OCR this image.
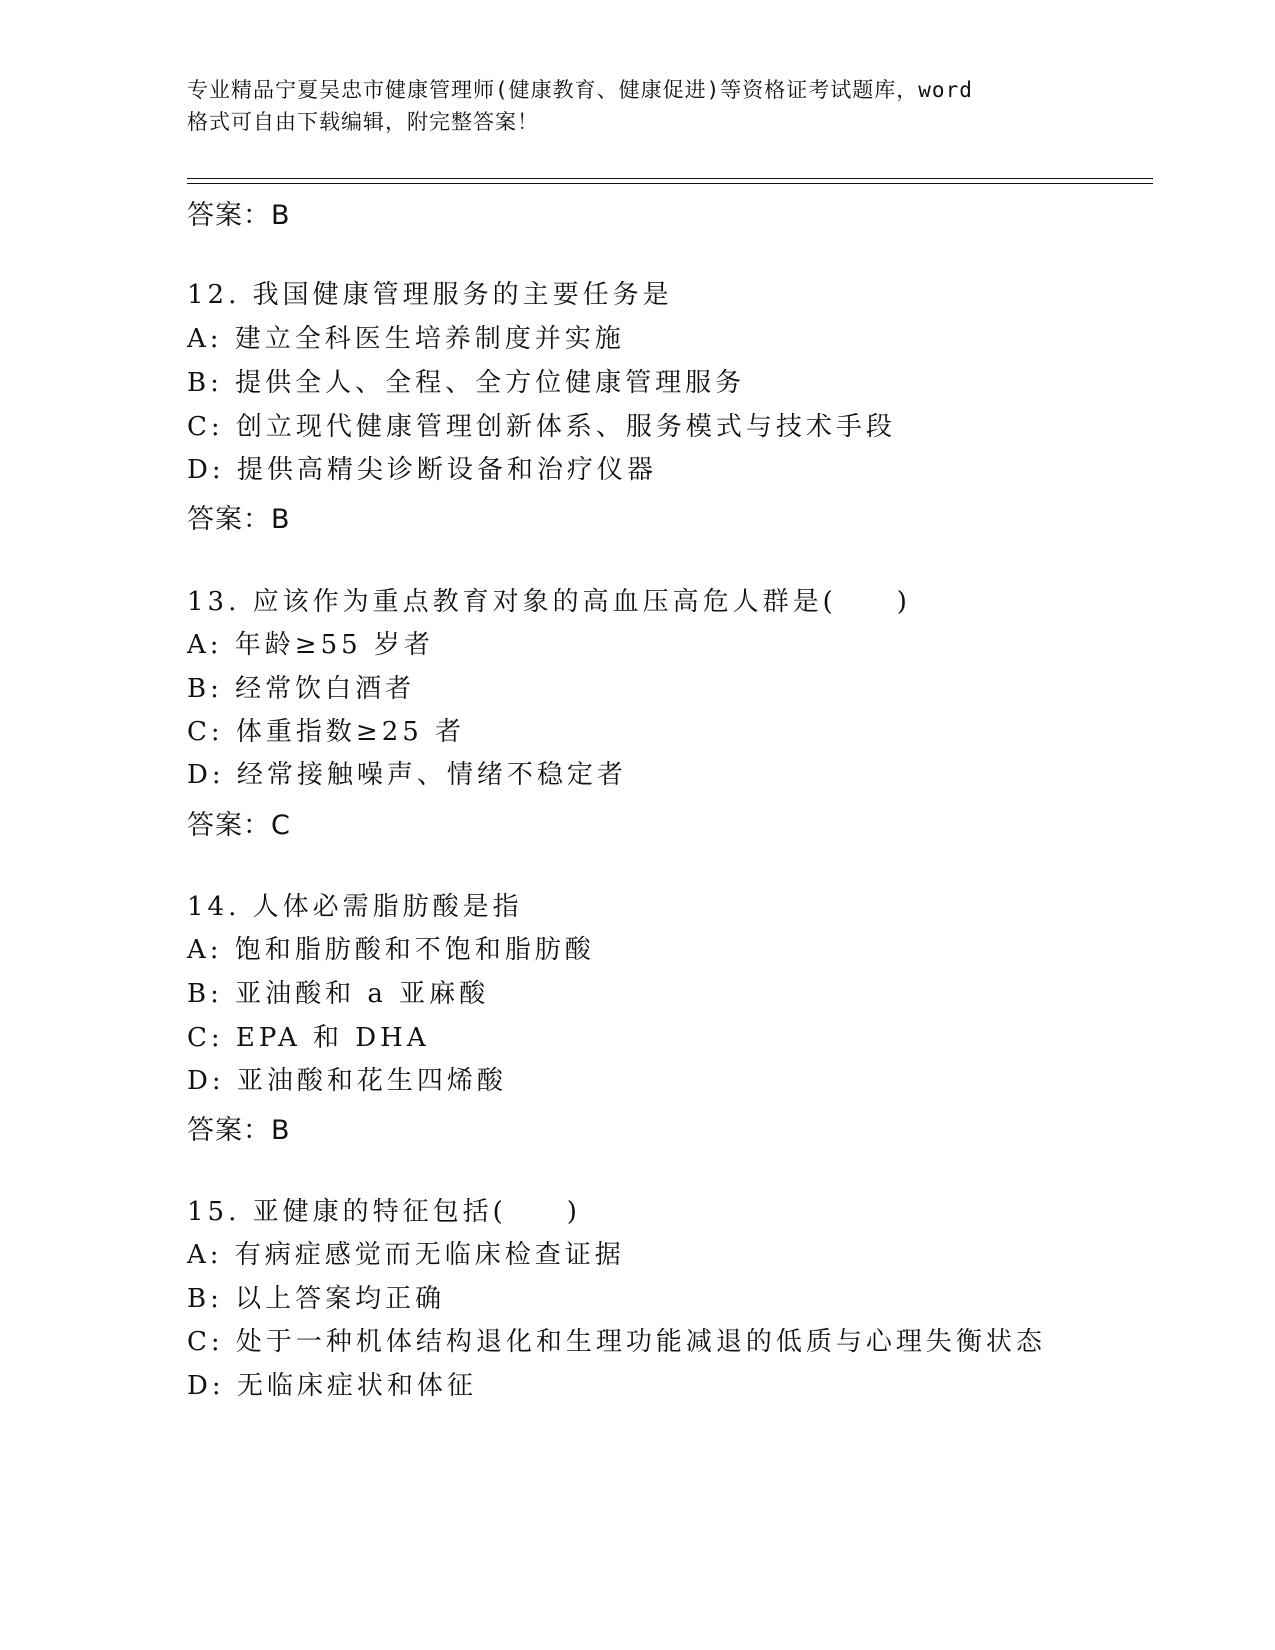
专业精品宁夏吴忠市健康管理师(健康教育、健康促进)等资格证考试题库，word
格式可自由下载编辑，附完整答案！
答案：B
12. 我国健康管理服务的主要任务是
A: 建立全科医生培养制度并实施
B: 提供全人、全程、全方位健康管理服务
C: 创立现代健康管理创新体系、服务模式与技术手段
D: 提供高精尖诊断设备和治疗仪器
答案：B
13. 应该作为重点教育对象的高血压高危人群是(　　)
A: 年龄≥55 岁者
B: 经常饮白酒者
C: 体重指数≥25 者
D: 经常接触噪声、情绪不稳定者
答案：C
14. 人体必需脂肪酸是指
A: 饱和脂肪酸和不饱和脂肪酸
B: 亚油酸和 a 亚麻酸
C: EPA 和 DHA
D: 亚油酸和花生四烯酸
答案：B
15. 亚健康的特征包括(　　)
A: 有病症感觉而无临床检查证据
B: 以上答案均正确
C: 处于一种机体结构退化和生理功能减退的低质与心理失衡状态
D: 无临床症状和体征
